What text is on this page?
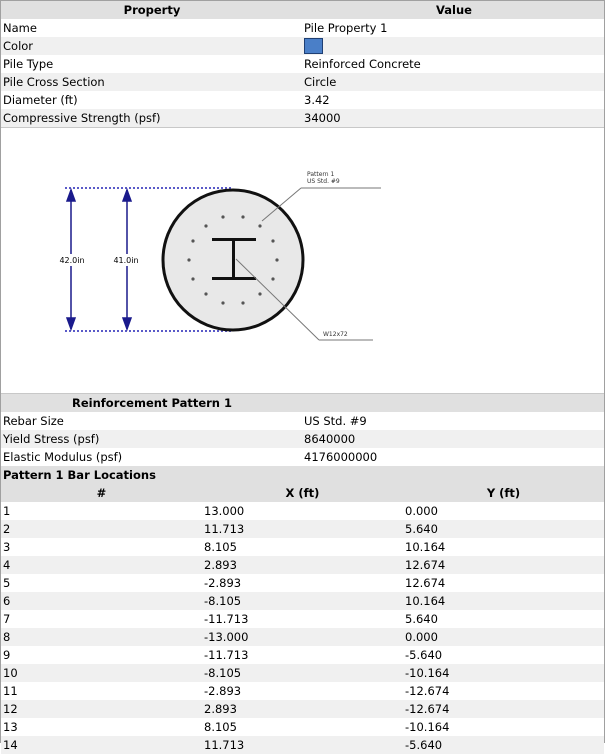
Property	Value
Name	Pile Property 1
Color
Pile Type	Reinforced Concrete
Pile Cross Section	Circle
Diameter (ft)	3.42
Compressive Strength (psf)	34000
42.0in	41.0in
Pattern 1
US Std. #9
W12x72
Reinforcement Pattern 1
Rebar Size	US Std. #9
Yield Stress (psf)	8640000
Elastic Modulus (psf)	4176000000
Pattern 1 Bar Locations
#	X (ft)	Y (ft)
1	13.000	0.000
2	11.713	5.640
3	8.105	10.164
4	2.893	12.674
5	-2.893	12.674
6	-8.105	10.164
7	-11.713	5.640
8	-13.000	0.000
9	-11.713	-5.640
10	-8.105	-10.164
11	-2.893	-12.674
12	2.893	-12.674
13	8.105	-10.164
14	11.713	-5.640
